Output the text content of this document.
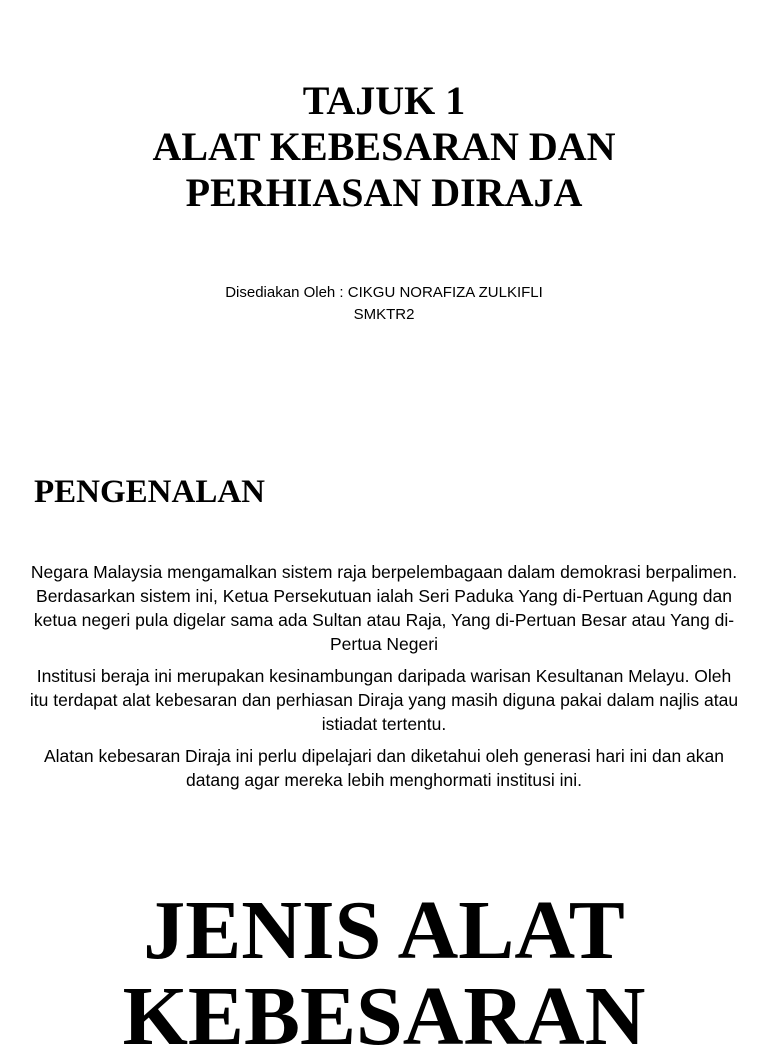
TAJUK 1
ALAT KEBESARAN DAN
PERHIASAN DIRAJA
Disediakan Oleh : CIKGU NORAFIZA ZULKIFLI
SMKTR2
PENGENALAN

Negara Malaysia mengamalkan sistem raja berpelembagaan dalam demokrasi berpalimen. Berdasarkan sistem ini, Ketua Persekutuan ialah Seri Paduka Yang di-Pertuan Agung dan ketua negeri pula digelar sama ada Sultan atau Raja, Yang di-Pertuan Besar atau Yang di-Pertua Negeri

Institusi beraja ini merupakan kesinambungan daripada warisan Kesultanan Melayu. Oleh itu terdapat alat kebesaran dan perhiasan Diraja yang masih diguna pakai dalam najlis atau istiadat tertentu.

Alatan kebesaran Diraja ini perlu dipelajari dan diketahui oleh generasi hari ini dan akan datang agar mereka lebih menghormati institusi ini.

JENIS ALAT
KEBESARAN
